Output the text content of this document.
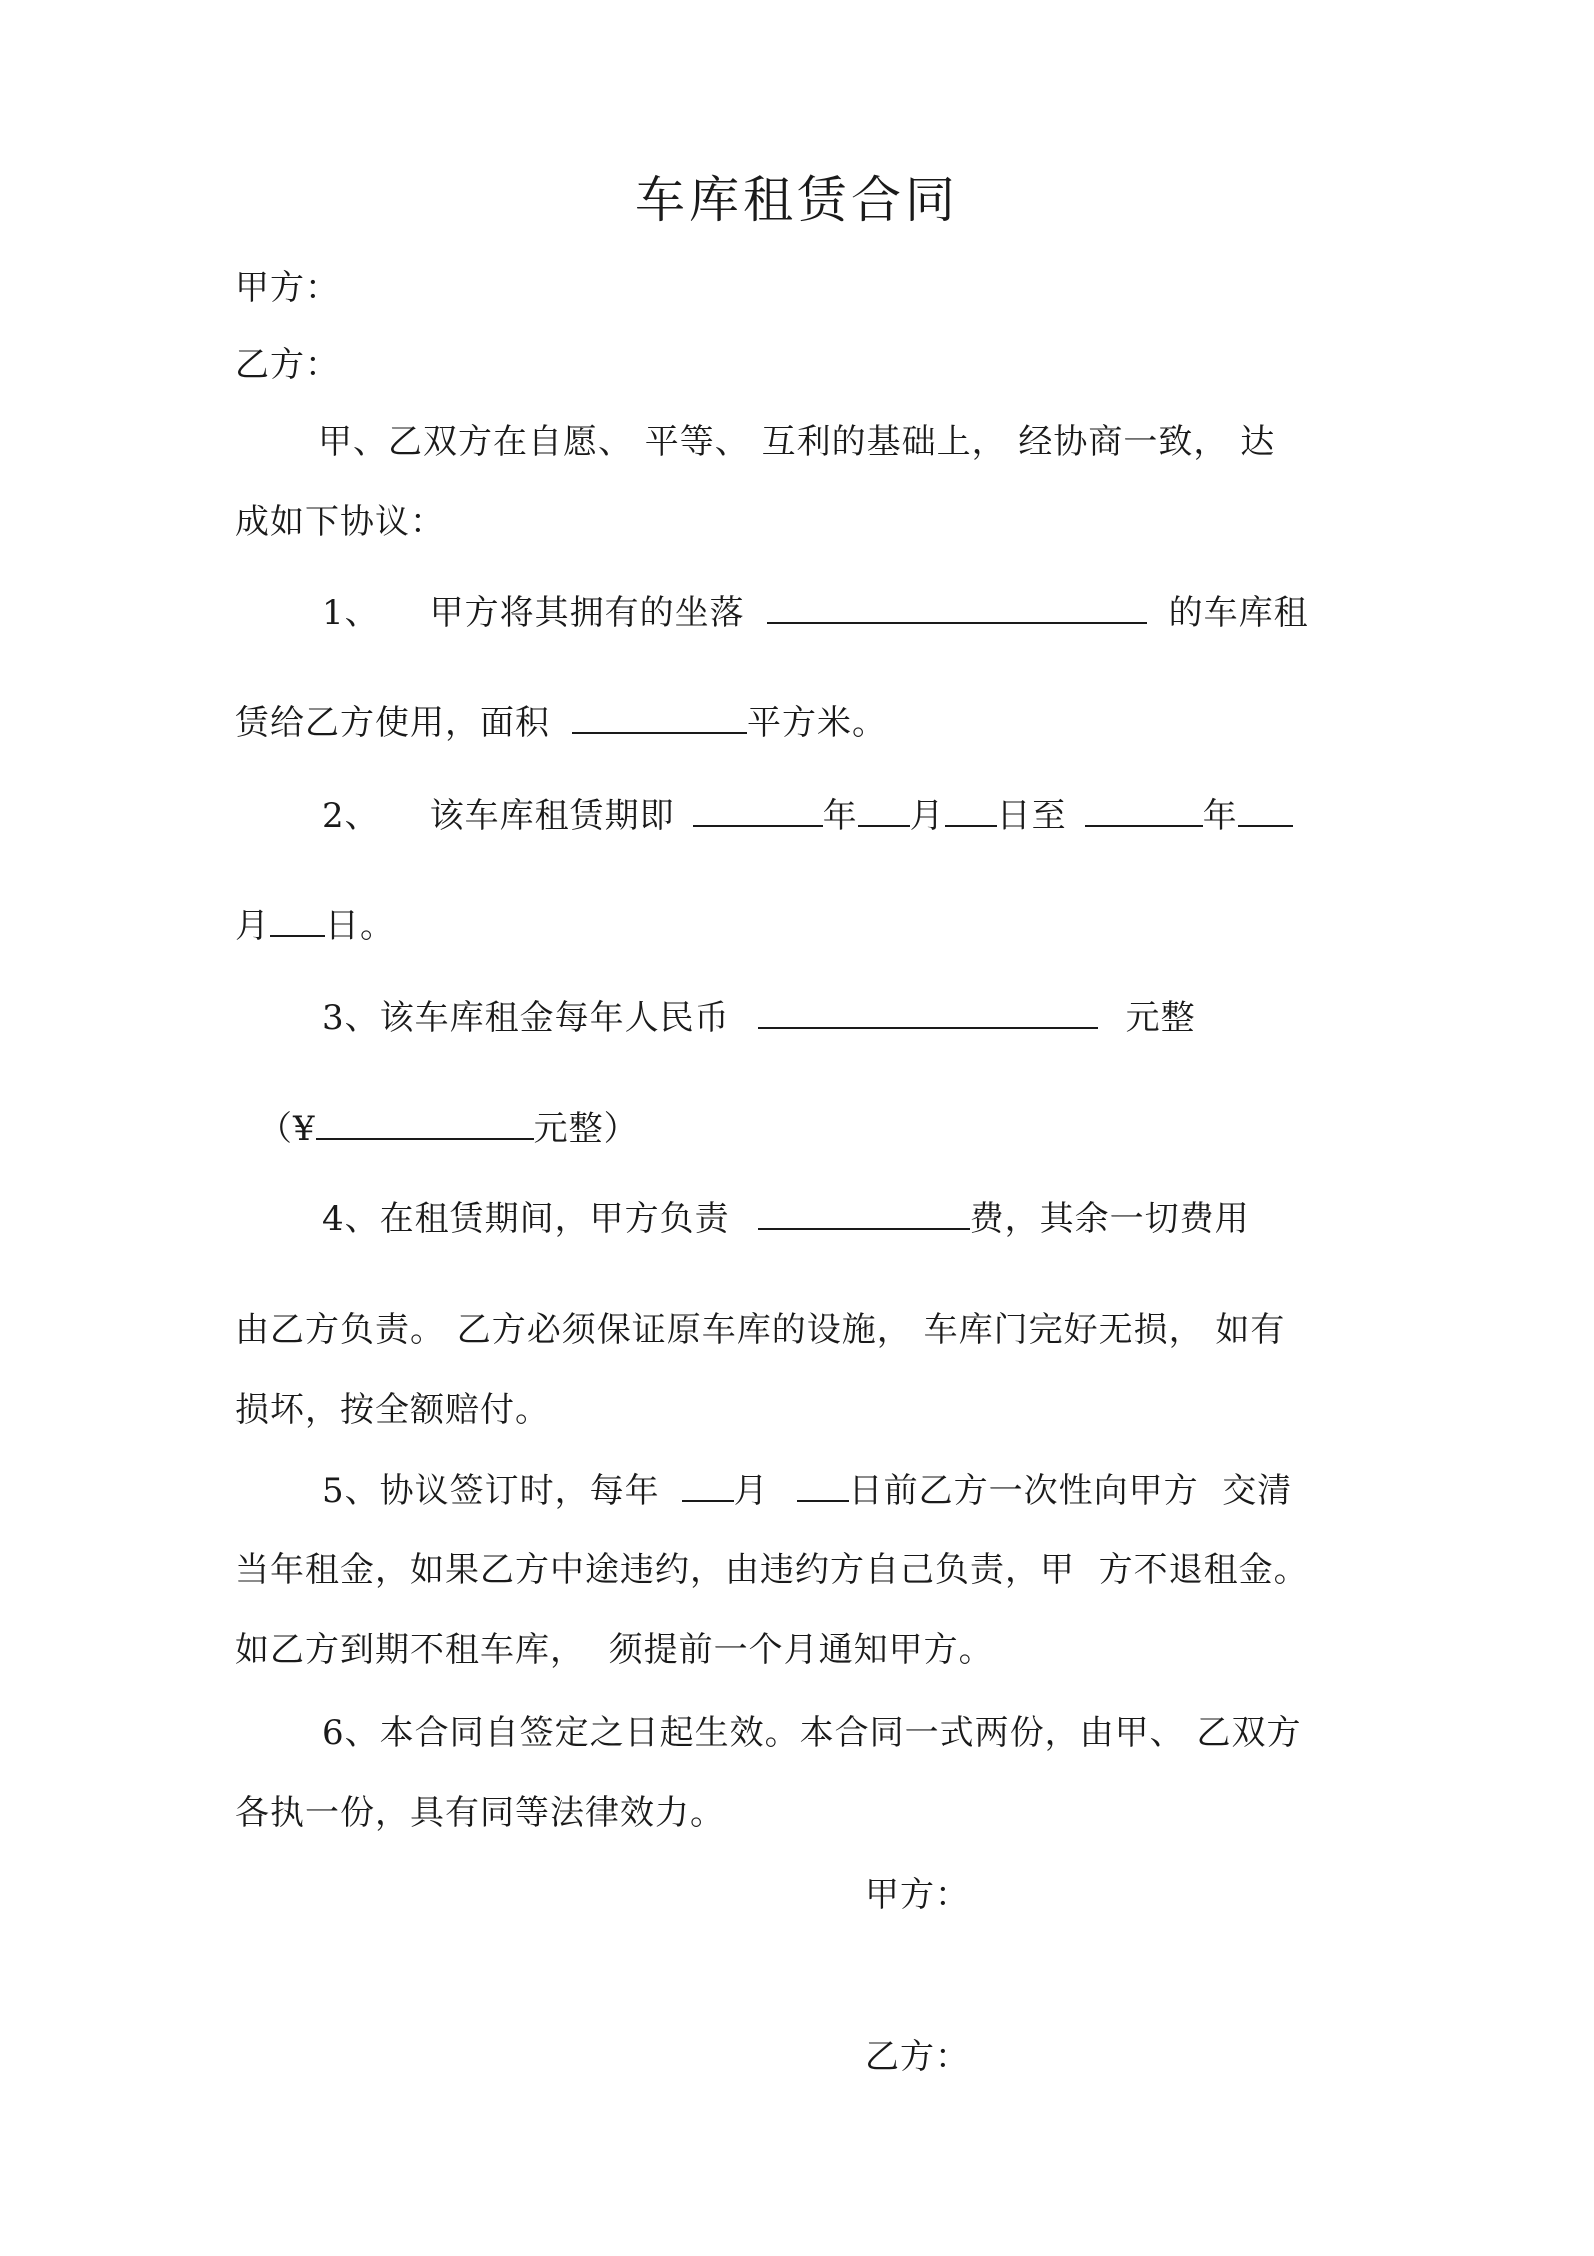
车库租赁合同

甲方：

乙方：

甲、乙双方在自愿、 平等、 互利的基础上， 经协商一致， 达

成如下协议：

1、 甲方将其拥有的坐落	的车库租

赁给乙方使用，面积	平方米。

2、 该车库租赁期即	年 月 日至	年

月 日。

3、该车库租金每年人民币	元整

（¥	元整）

4、在租赁期间，甲方负责	费，其余一切费用

由乙方负责。 乙方必须保证原车库的设施， 车库门完好无损， 如有

损坏，按全额赔付。

5、协议签订时，每年 月 日前乙方一次性向甲方  交清

当年租金，如果乙方中途违约，由违约方自己负责，甲  方不退租金。

如乙方到期不租车库，  须提前一个月通知甲方。

6、本合同自签定之日起生效。本合同一式两份，由甲、 乙双方

各执一份，具有同等法律效力。

甲方：

乙方：
